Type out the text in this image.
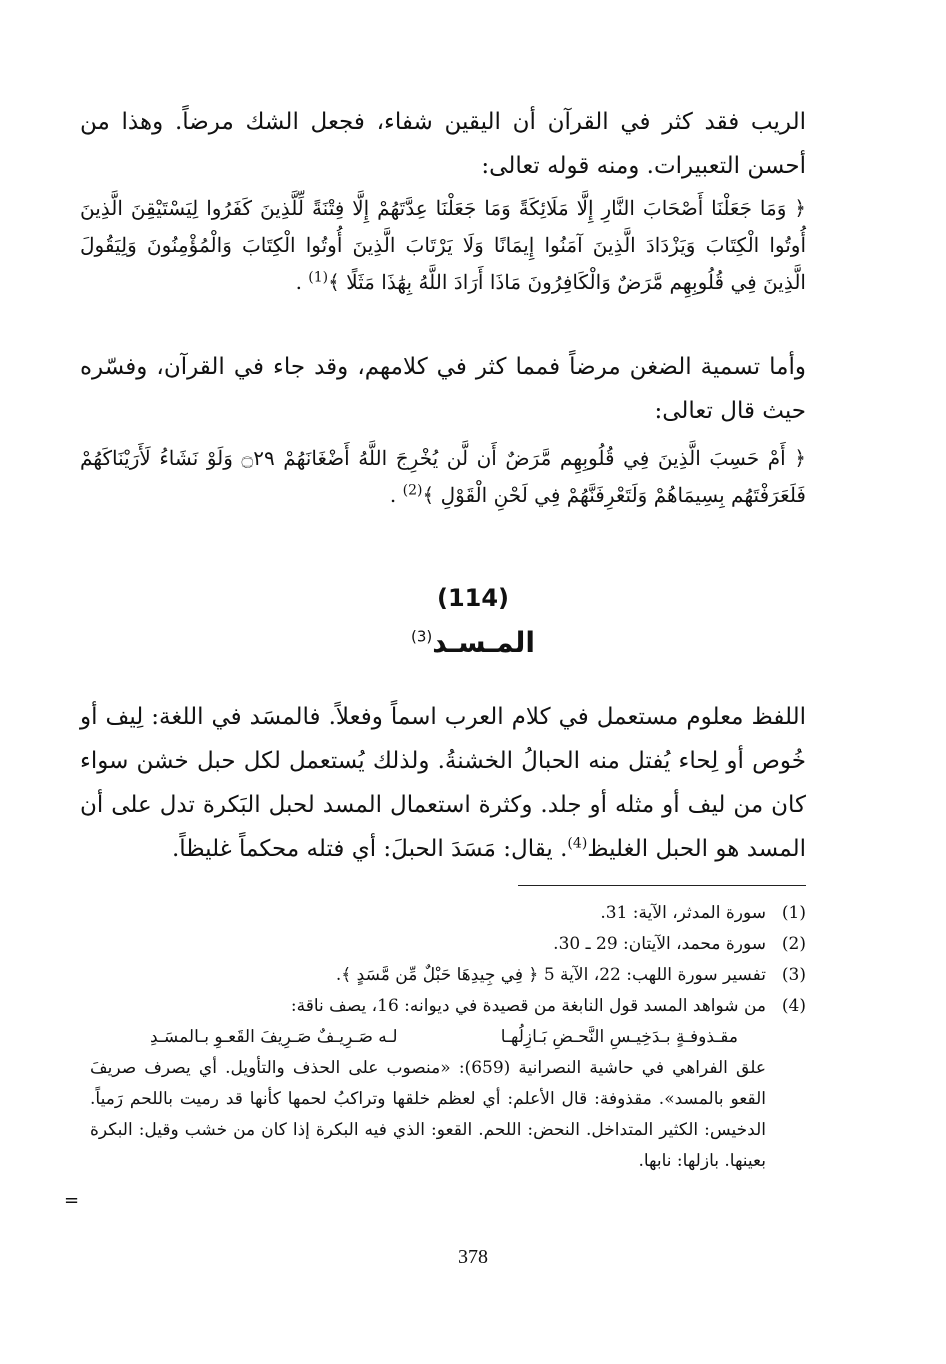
الريب فقد كثر في القرآن أن اليقين شفاء، فجعل الشك مرضاً. وهذا من أحسن التعبيرات. ومنه قوله تعالى:
﴿ وَمَا جَعَلْنَا أَصْحَابَ النَّارِ إِلَّا مَلَائِكَةً وَمَا جَعَلْنَا عِدَّتَهُمْ إِلَّا فِتْنَةً لِّلَّذِينَ كَفَرُوا لِيَسْتَيْقِنَ الَّذِينَ أُوتُوا الْكِتَابَ وَيَزْدَادَ الَّذِينَ آمَنُوا إِيمَانًا وَلَا يَرْتَابَ الَّذِينَ أُوتُوا الْكِتَابَ وَالْمُؤْمِنُونَ وَلِيَقُولَ الَّذِينَ فِي قُلُوبِهِم مَّرَضٌ وَالْكَافِرُونَ مَاذَا أَرَادَ اللَّهُ بِهَٰذَا مَثَلًا ﴾$^{(1)}$ .
وأما تسمية الضغن مرضاً فمما كثر في كلامهم، وقد جاء في القرآن، وفسّره حيث قال تعالى:
﴿ أَمْ حَسِبَ الَّذِينَ فِي قُلُوبِهِم مَّرَضٌ أَن لَّن يُخْرِجَ اللَّهُ أَضْغَانَهُمْ ۝٢٩ وَلَوْ نَشَاءُ لَأَرَيْنَاكَهُمْ فَلَعَرَفْتَهُم بِسِيمَاهُمْ وَلَتَعْرِفَنَّهُمْ فِي لَحْنِ الْقَوْلِ ﴾$^{(2)}$ .
(114)
المـسـد$^{(3)}$
اللفظ معلوم مستعمل في كلام العرب اسماً وفعلاً. فالمسَد في اللغة: لِيف أو خُوص أو لِحاء يُفتل منه الحبالُ الخشنةُ. ولذلك يُستعمل لكل حبل خشن سواء كان من ليف أو مثله أو جلد. وكثرة استعمال المسد لحبل البَكرة تدل على أن المسد هو الحبل الغليظ$^{(4)}$. يقال: مَسَدَ الحبلَ: أي فتله محكماً غليظاً.
(1)
سورة المدثر، الآية: 31.
(2)
سورة محمد، الآيتان: 29 ـ 30.
(3)
تفسير سورة اللهب: 22، الآية 5 ﴿ فِي جِيدِهَا حَبْلٌ مِّن مَّسَدٍ ﴾.
(4)
من شواهد المسد قول النابغة من قصيدة في ديوانه: 16، يصف ناقة:
مقـذوفـةٍ بـدَخِيـسِ النَّحـضِ بَـازِلُهـا
لـه صَـرِيـفٌ صَـرِيفَ القَعـوِ بـالمسَـدِ
علق الفراهي في حاشية النصرانية (659): «منصوب على الحذف والتأويل. أي يصرف صريفَ القعو بالمسد». مقذوفة: قال الأعلم: أي لعظم خلقها وتراكبُ لحمها كأنها قد رميت باللحم رَمياً. الدخيس: الكثير المتداخل. النحض: اللحم. القعو: الذي فيه البكرة إذا كان من خشب وقيل: البكرة بعينها. بازلها: نابها.
=
378
